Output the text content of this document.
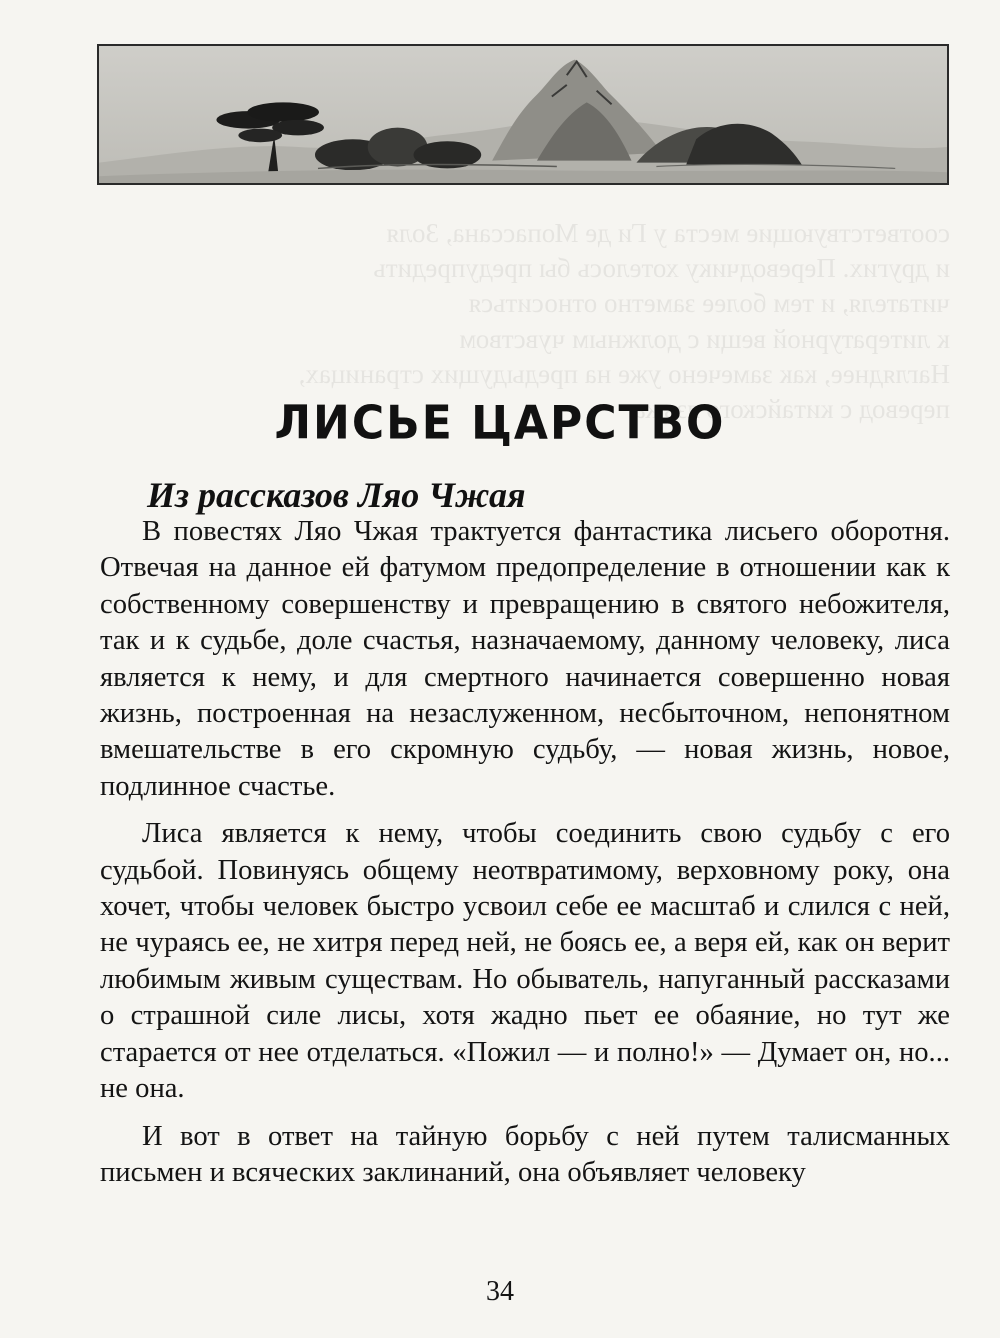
соответствующие места у Ги де Мопассана, Золя
и других. Переводчику хотелось бы предупредить
читателя, и тем более заметно относиться
к литературной вещи с должным чувством
Нагляднее, как замечено уже на предыдущих страницах,
перевод с китайского языка

ЛИСЬЕ ЦАРСТВО
Из рассказов Ляо Чжая

В повестях Ляо Чжая трактуется фантастика лисьего оборотня. Отвечая на данное ей фатумом предопределение в отношении как к собственному совершенству и превращению в святого небожителя, так и к судьбе, доле счастья, назначаемому, данному человеку, лиса является к нему, и для смертного начинается совершенно новая жизнь, построенная на незаслуженном, несбыточном, непонятном вмешательстве в его скромную судьбу, — новая жизнь, новое, подлинное счастье.

Лиса является к нему, чтобы соединить свою судьбу с его судьбой. Повинуясь общему неотвратимому, верховному року, она хочет, чтобы человек быстро усвоил себе ее масштаб и слился с ней, не чураясь ее, не хитря перед ней, не боясь ее, а веря ей, как он верит любимым живым существам. Но обыватель, напуганный рассказами о страшной силе лисы, хотя жадно пьет ее обаяние, но тут же старается от нее отделаться. «Пожил — и полно!» — Думает он, но... не она.

И вот в ответ на тайную борьбу с ней путем талисманных письмен и всяческих заклинаний, она объявляет человеку

34
